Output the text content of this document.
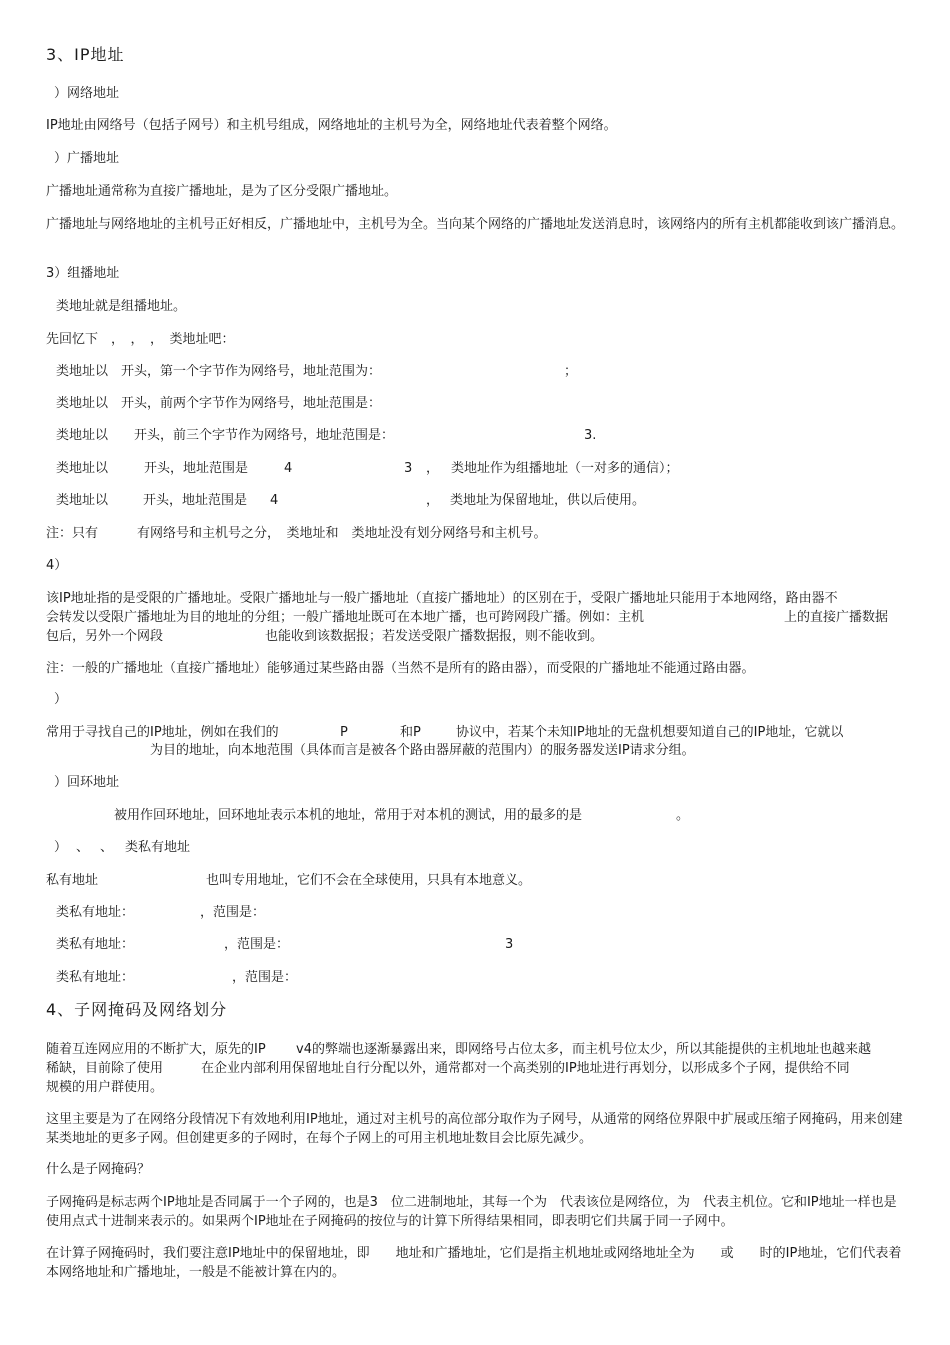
3、IP地址
）网络地址
IP地址由网络号（包括子网号）和主机号组成，网络地址的主机号为全，网络地址代表着整个网络。
）广播地址
广播地址通常称为直接广播地址，是为了区分受限广播地址。
广播地址与网络地址的主机号正好相反，广播地址中，主机号为全。当向某个网络的广播地址发送消息时，该网络内的所有主机都能收到该广播消息。
3）组播地址
类地址就是组播地址。
先回忆下　，　，　，　类地址吧：
类地址以　开头，第一个字节作为网络号，地址范围为：	；
类地址以　开头，前两个字节作为网络号，地址范围是：
类地址以　　开头，前三个字节作为网络号，地址范围是：	3.
类地址以	开头，地址范围是	4	3 ， 类地址作为组播地址（一对多的通信）；
类地址以	开头，地址范围是 4	， 类地址为保留地址，供以后使用。
注：只有　　　有网络号和主机号之分，　类地址和　类地址没有划分网络号和主机号。
4）
该IP地址指的是受限的广播地址。受限广播地址与一般广播地址（直接广播地址）的区别在于，受限广播地址只能用于本地网络，路由器不
会转发以受限广播地址为目的地址的分组；一般广播地址既可在本地广播，也可跨网段广播。例如：主机	上的直接广播数据
包后，另外一个网段	也能收到该数据报；若发送受限广播数据报，则不能收到。
注：一般的广播地址（直接广播地址）能够通过某些路由器（当然不是所有的路由器），而受限的广播地址不能通过路由器。
）
常用于寻找自己的IP地址，例如在我们的	P	和P	协议中，若某个未知IP地址的无盘机想要知道自己的IP地址，它就以
为目的地址，向本地范围（具体而言是被各个路由器屏蔽的范围内）的服务器发送IP请求分组。
）回环地址
被用作回环地址，回环地址表示本机的地址，常用于对本机的测试，用的最多的是	。
） 、 、 类私有地址
私有地址	也叫专用地址，它们不会在全球使用，只具有本地意义。
类私有地址：	，范围是：
类私有地址：	，范围是：	3
类私有地址：	，范围是：
4、子网掩码及网络划分
随着互连网应用的不断扩大，原先的IP v4的弊端也逐渐暴露出来，即网络号占位太多，而主机号位太少，所以其能提供的主机地址也越来越
稀缺，目前除了使用	在企业内部利用保留地址自行分配以外，通常都对一个高类别的IP地址进行再划分，以形成多个子网，提供给不同
规模的用户群使用。
这里主要是为了在网络分段情况下有效地利用IP地址，通过对主机号的高位部分取作为子网号，从通常的网络位界限中扩展或压缩子网掩码，用来创建某类地址的更多子网。但创建更多的子网时，在每个子网上的可用主机地址数目会比原先减少。
什么是子网掩码？
子网掩码是标志两个IP地址是否同属于一个子网的，也是3　位二进制地址，其每一个为　代表该位是网络位，为　代表主机位。它和IP地址一样也是使用点式十进制来表示的。如果两个IP地址在子网掩码的按位与的计算下所得结果相同，即表明它们共属于同一子网中。
在计算子网掩码时，我们要注意IP地址中的保留地址，即　　地址和广播地址，它们是指主机地址或网络地址全为　　或　　时的IP地址，它们代表着本网络地址和广播地址，一般是不能被计算在内的。
